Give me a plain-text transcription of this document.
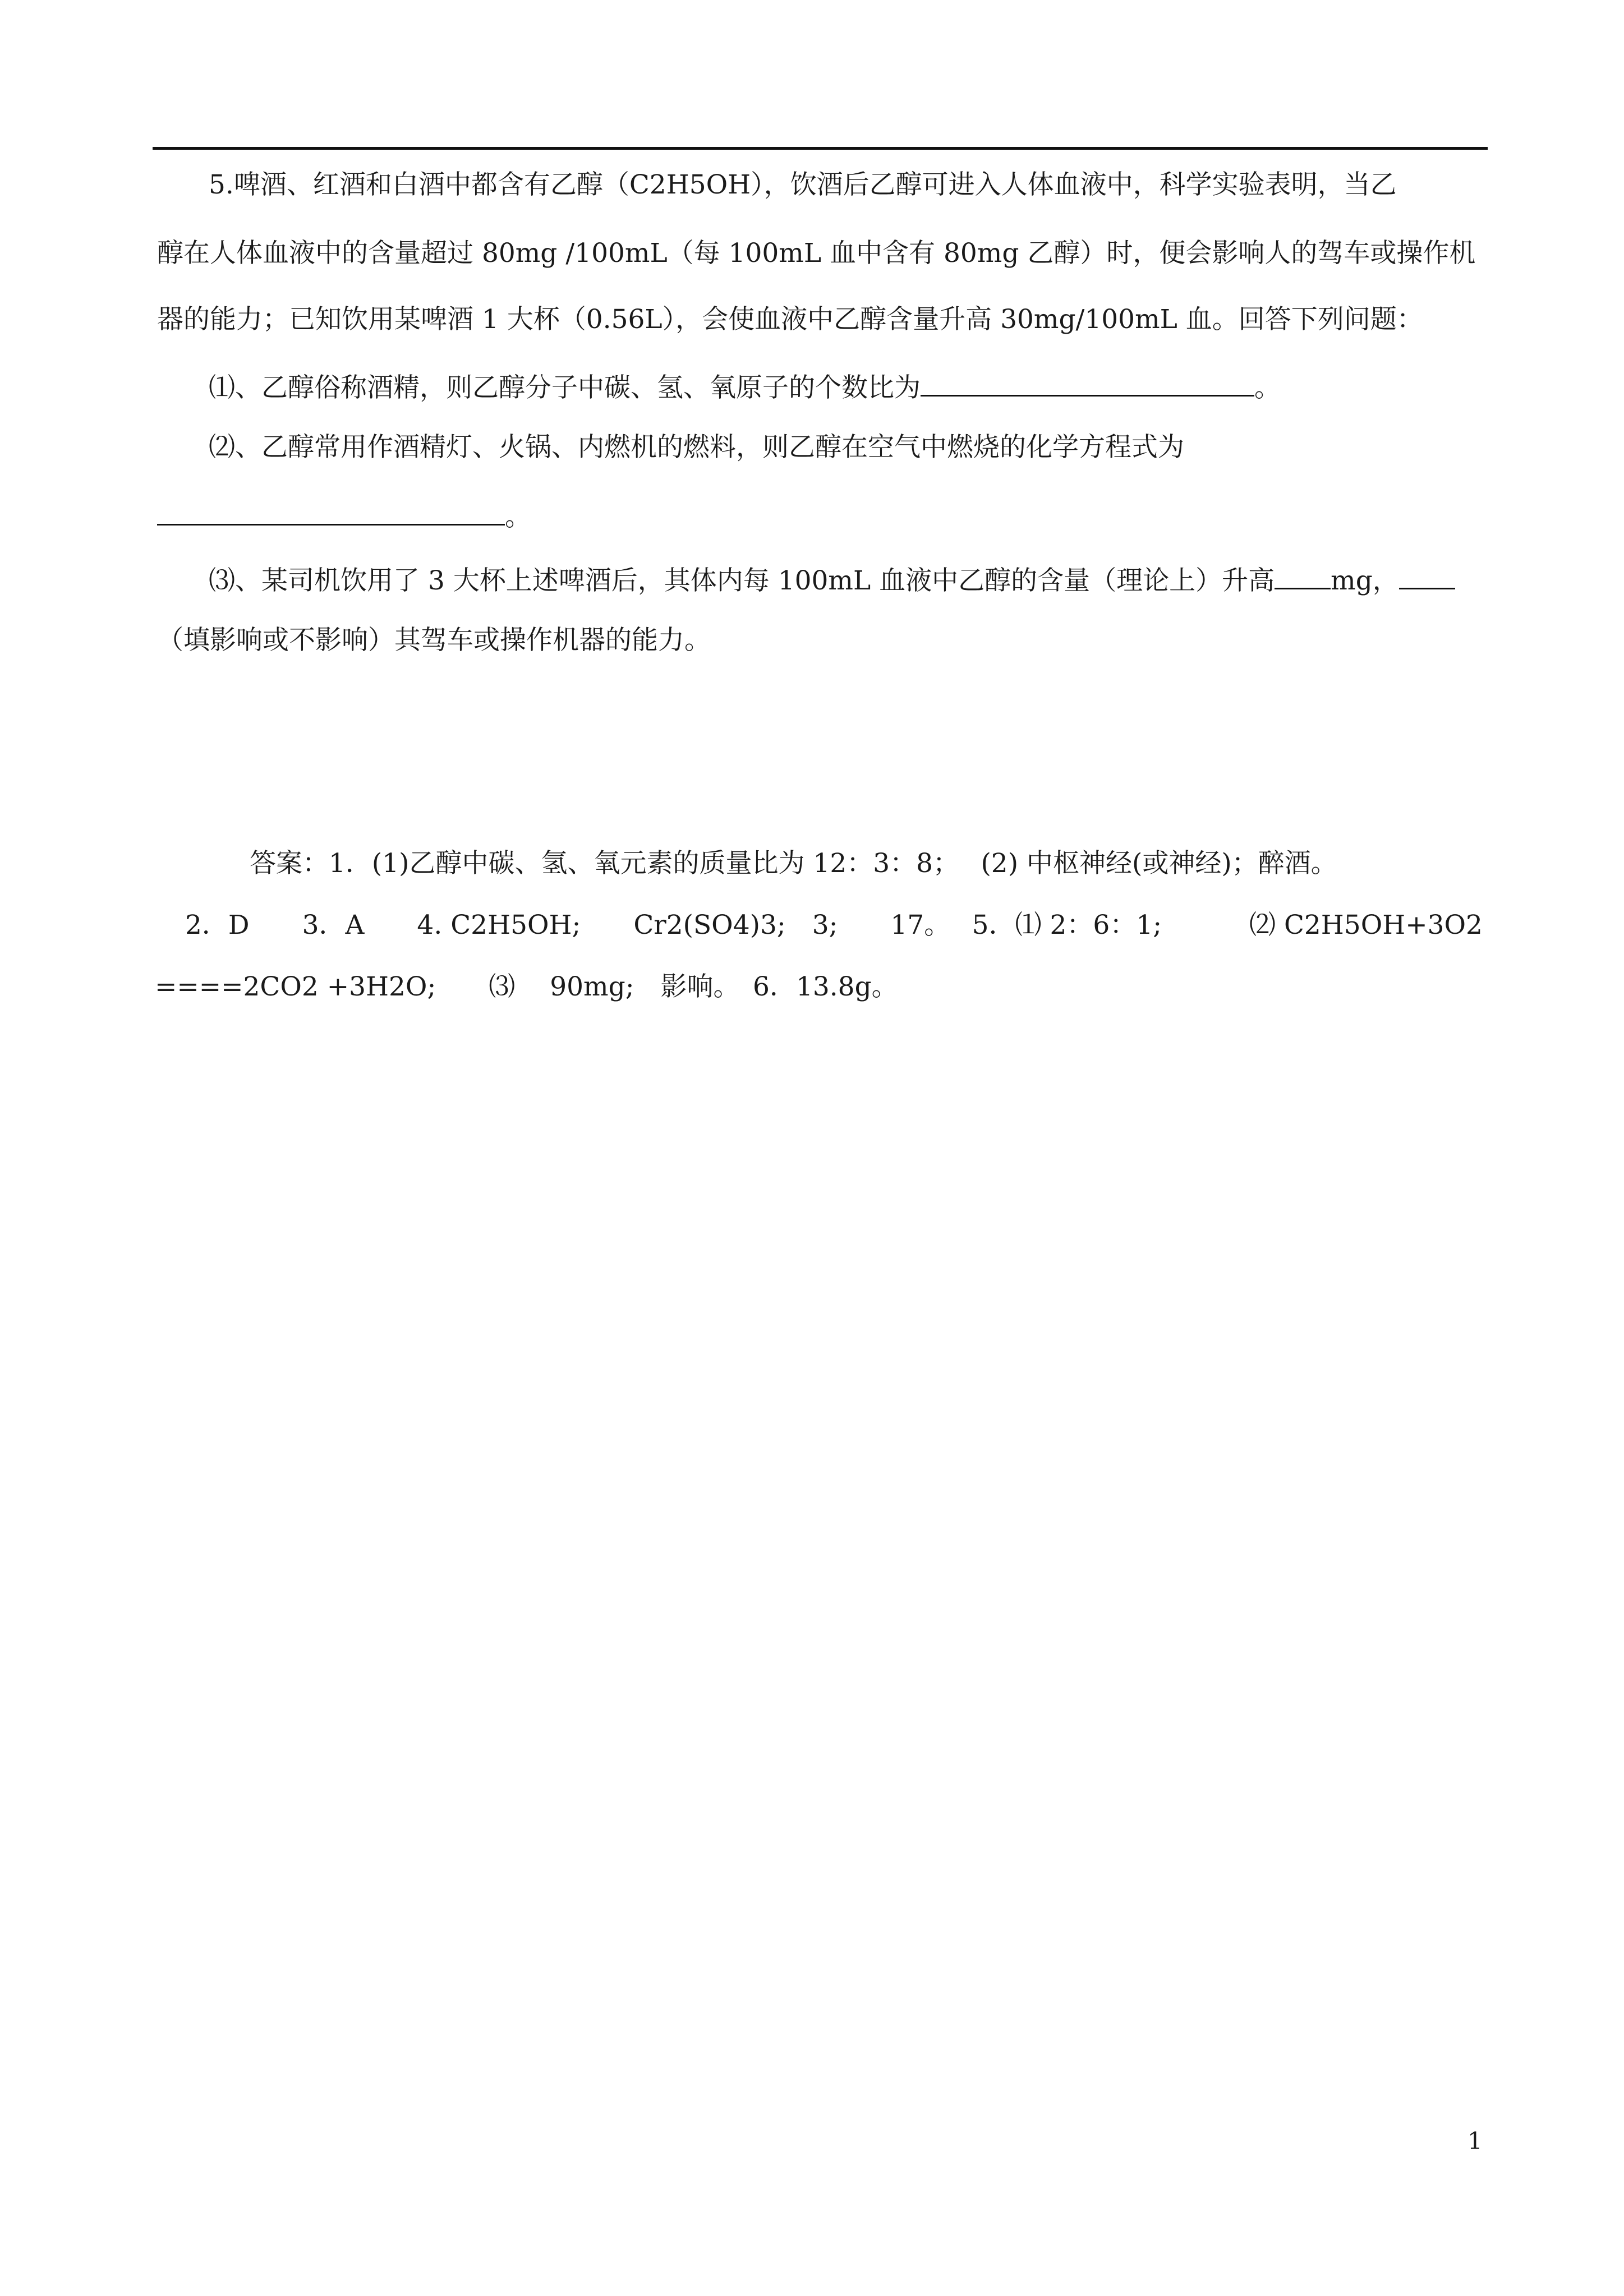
5.啤酒、红酒和白酒中都含有乙醇（C2H5OH），饮酒后乙醇可进入人体血液中，科学实验表明，当乙
醇在人体血液中的含量超过 80mg /100mL（每 100mL 血中含有 80mg 乙醇）时，便会影响人的驾车或操作机
器的能力；已知饮用某啤酒 1 大杯（0.56L），会使血液中乙醇含量升高 30mg/100mL 血。回答下列问题：
⑴、乙醇俗称酒精，则乙醇分子中碳、氢、氧原子的个数比为	。
⑵、乙醇常用作酒精灯、火锅、内燃机的燃料，则乙醇在空气中燃烧的化学方程式为
。
⑶、某司机饮用了 3 大杯上述啤酒后，其体内每 100mL 血液中乙醇的含量（理论上）升高 mg，
（填影响或不影响）其驾车或操作机器的能力。
答案：1．(1)乙醇中碳、氢、氧元素的质量比为 12：3：8；　 (2) 中枢神经(或神经)；醉酒。
2．D　　3．A　　4. C2H5OH;　　Cr2(SO4)3;　3;　　17。　 5．⑴ 2：6：1;　　　 ⑵ C2H5OH+3O2
====2CO2 +3H2O;　　⑶　 90mg;　影响。　6．13.8g。
1
